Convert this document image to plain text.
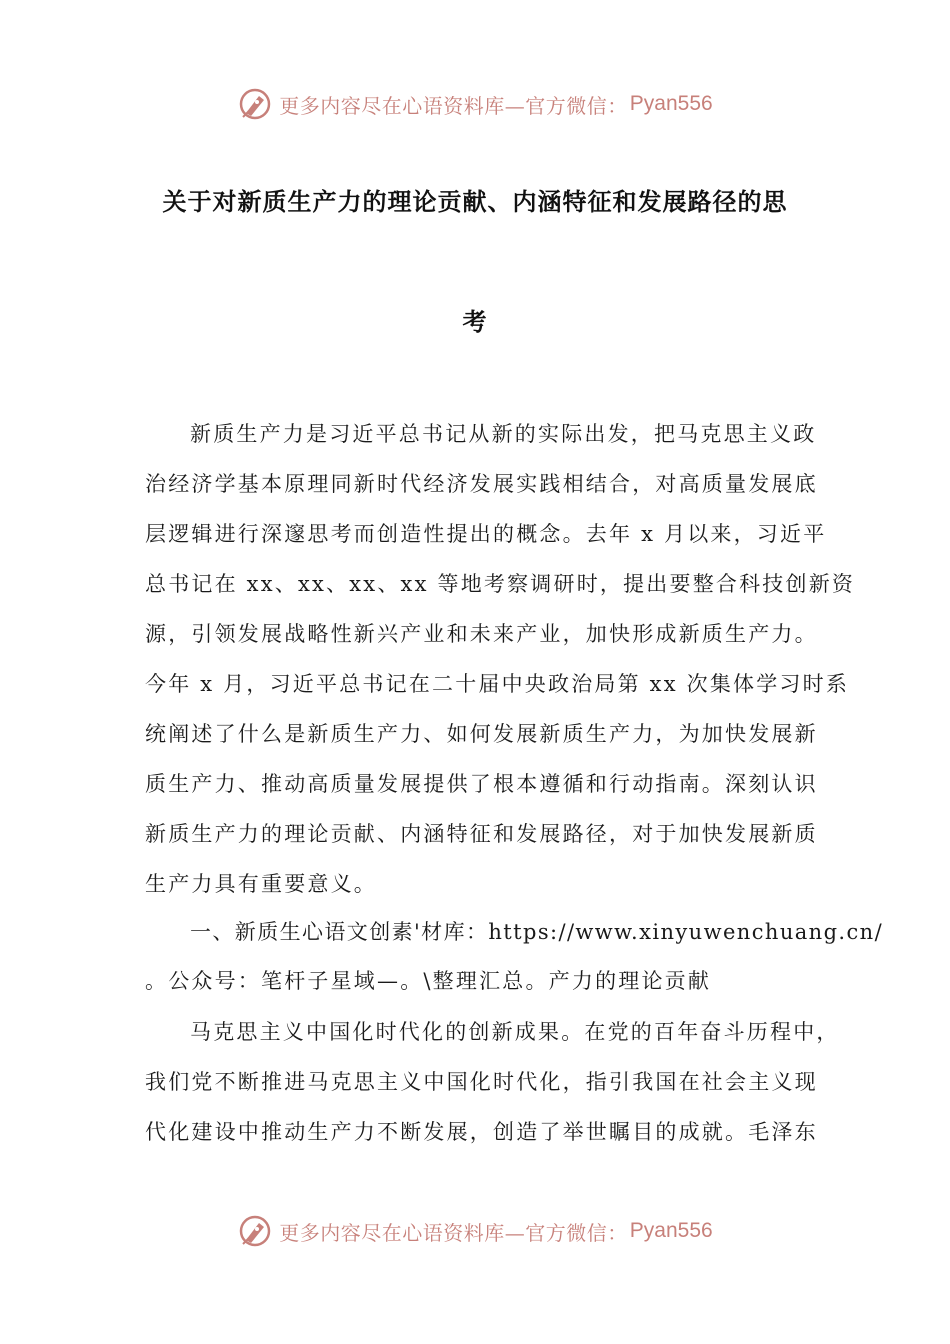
更多内容尽在心语资料库—官方微信： Pyan556
关于对新质生产力的理论贡献、内涵特征和发展路径的思
考
新质生产力是习近平总书记从新的实际出发，把马克思主义政
治经济学基本原理同新时代经济发展实践相结合，对高质量发展底
层逻辑进行深邃思考而创造性提出的概念。去年 x 月以来，习近平
总书记在 xx、xx、xx、xx 等地考察调研时，提出要整合科技创新资
源，引领发展战略性新兴产业和未来产业，加快形成新质生产力。
今年 x 月，习近平总书记在二十届中央政治局第 xx 次集体学习时系
统阐述了什么是新质生产力、如何发展新质生产力，为加快发展新
质生产力、推动高质量发展提供了根本遵循和行动指南。深刻认识
新质生产力的理论贡献、内涵特征和发展路径，对于加快发展新质
生产力具有重要意义。
一、新质生心语文创素'材库：https://www.xinyuwenchuang.cn/
。公众号：笔杆子星域—。\整理汇总。产力的理论贡献
马克思主义中国化时代化的创新成果。在党的百年奋斗历程中，
我们党不断推进马克思主义中国化时代化，指引我国在社会主义现
代化建设中推动生产力不断发展，创造了举世瞩目的成就。毛泽东
更多内容尽在心语资料库—官方微信： Pyan556
